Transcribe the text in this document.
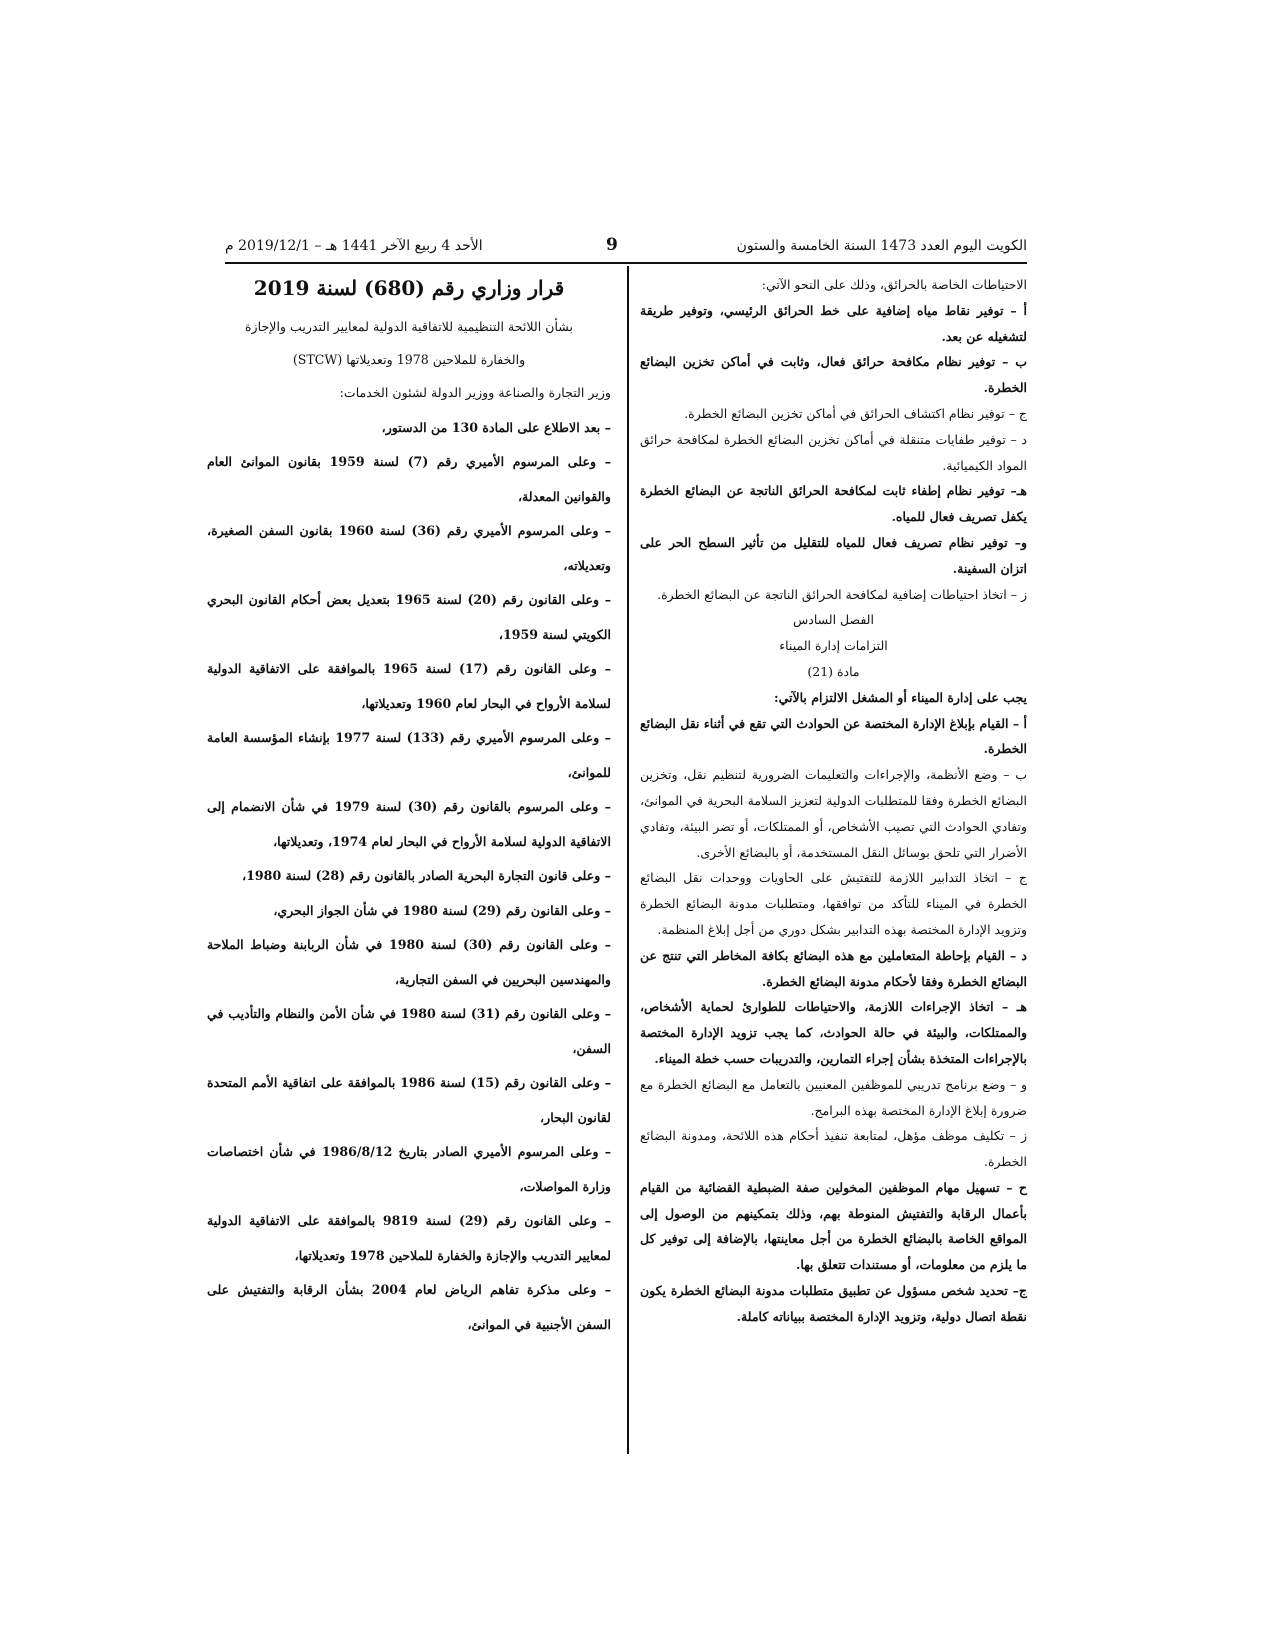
الأحد 4 ربيع الآخر 1441 هـ – 2019/12/1 م	9	الكويت اليوم العدد 1473 السنة الخامسة والستون

الاحتياطات الخاصة بالحرائق، وذلك على النحو الآتي:

أ – توفير نقاط مياه إضافية على خط الحرائق الرئيسي، وتوفير طريقة لتشغيله عن بعد.

ب – توفير نظام مكافحة حرائق فعال، وثابت في أماكن تخزين البضائع الخطرة.

ج – توفير نظام اكتشاف الحرائق في أماكن تخزين البضائع الخطرة.

د – توفير طفايات متنقلة في أماكن تخزين البضائع الخطرة لمكافحة حرائق المواد الكيميائية.

هـ– توفير نظام إطفاء ثابت لمكافحة الحرائق الناتجة عن البضائع الخطرة يكفل تصريف فعال للمياه.

و– توفير نظام تصريف فعال للمياه للتقليل من تأثير السطح الحر على اتزان السفينة.

ز – اتخاذ احتياطات إضافية لمكافحة الحرائق الناتجة عن البضائع الخطرة.

الفصل السادس

التزامات إدارة الميناء

مادة (21)

يجب على إدارة الميناء أو المشغل الالتزام بالآتي:

أ – القيام بإبلاغ الإدارة المختصة عن الحوادث التي تقع في أثناء نقل البضائع الخطرة.

ب – وضع الأنظمة، والإجراءات والتعليمات الضرورية لتنظيم نقل، وتخزين البضائع الخطرة وفقا للمتطلبات الدولية لتعزيز السلامة البحرية في الموانئ، وتفادي الحوادث التي تصيب الأشخاص، أو الممتلكات، أو تضر البيئة، وتفادي الأضرار التي تلحق بوسائل النقل المستخدمة، أو بالبضائع الأخرى.

ج – اتخاذ التدابير اللازمة للتفتيش على الحاويات ووحدات نقل البضائع الخطرة في الميناء للتأكد من توافقها، ومتطلبات مدونة البضائع الخطرة وتزويد الإدارة المختصة بهذه التدابير بشكل دوري من أجل إبلاغ المنظمة.

د – القيام بإحاطة المتعاملين مع هذه البضائع بكافة المخاطر التي تنتج عن البضائع الخطرة وفقا لأحكام مدونة البضائع الخطرة.

هـ – اتخاذ الإجراءات اللازمة، والاحتياطات للطوارئ لحماية الأشخاص، والممتلكات، والبيئة في حالة الحوادث، كما يجب تزويد الإدارة المختصة بالإجراءات المتخذة بشأن إجراء التمارين، والتدريبات حسب خطة الميناء.

و – وضع برنامج تدريبي للموظفين المعنيين بالتعامل مع البضائع الخطرة مع ضرورة إبلاغ الإدارة المختصة بهذه البرامج.

ز – تكليف موظف مؤهل، لمتابعة تنفيذ أحكام هذه اللائحة، ومدونة البضائع الخطرة.

ح – تسهيل مهام الموظفين المخولين صفة الضبطية القضائية من القيام بأعمال الرقابة والتفتيش المنوطة بهم، وذلك بتمكينهم من الوصول إلى المواقع الخاصة بالبضائع الخطرة من أجل معاينتها، بالإضافة إلى توفير كل ما يلزم من معلومات، أو مستندات تتعلق بها.

ج– تحديد شخص مسؤول عن تطبيق متطلبات مدونة البضائع الخطرة يكون نقطة اتصال دولية، وتزويد الإدارة المختصة ببياناته كاملة.

قرار وزاري رقم (680) لسنة 2019

بشأن اللائحة التنظيمية للاتفاقية الدولية لمعايير التدريب والإجازة

والخفارة للملاحين 1978 وتعديلاتها (STCW)

وزير التجارة والصناعة ووزير الدولة لشئون الخدمات:

– بعد الاطلاع على المادة 130 من الدستور،

– وعلى المرسوم الأميري رقم (7) لسنة 1959 بقانون الموانئ العام والقوانين المعدلة،

– وعلى المرسوم الأميري رقم (36) لسنة 1960 بقانون السفن الصغيرة، وتعديلاته،

– وعلى القانون رقم (20) لسنة 1965 بتعديل بعض أحكام القانون البحري الكويتي لسنة 1959،

– وعلى القانون رقم (17) لسنة 1965 بالموافقة على الاتفاقية الدولية لسلامة الأرواح في البحار لعام 1960 وتعديلاتها،

– وعلى المرسوم الأميري رقم (133) لسنة 1977 بإنشاء المؤسسة العامة للموانئ،

– وعلى المرسوم بالقانون رقم (30) لسنة 1979 في شأن الانضمام إلى الاتفاقية الدولية لسلامة الأرواح في البحار لعام 1974، وتعديلاتها،

– وعلى قانون التجارة البحرية الصادر بالقانون رقم (28) لسنة 1980،

– وعلى القانون رقم (29) لسنة 1980 في شأن الجواز البحري،

– وعلى القانون رقم (30) لسنة 1980 في شأن الربابنة وضباط الملاحة والمهندسين البحريين في السفن التجارية،

– وعلى القانون رقم (31) لسنة 1980 في شأن الأمن والنظام والتأديب في السفن،

– وعلى القانون رقم (15) لسنة 1986 بالموافقة على اتفاقية الأمم المتحدة لقانون البحار،

– وعلى المرسوم الأميري الصادر بتاريخ 1986/8/12 في شأن اختصاصات وزارة المواصلات،

– وعلى القانون رقم (29) لسنة 9819 بالموافقة على الاتفاقية الدولية لمعايير التدريب والإجازة والخفارة للملاحين 1978 وتعديلاتها،

– وعلى مذكرة تفاهم الرياض لعام 2004 بشأن الرقابة والتفتيش على السفن الأجنبية في الموانئ،
